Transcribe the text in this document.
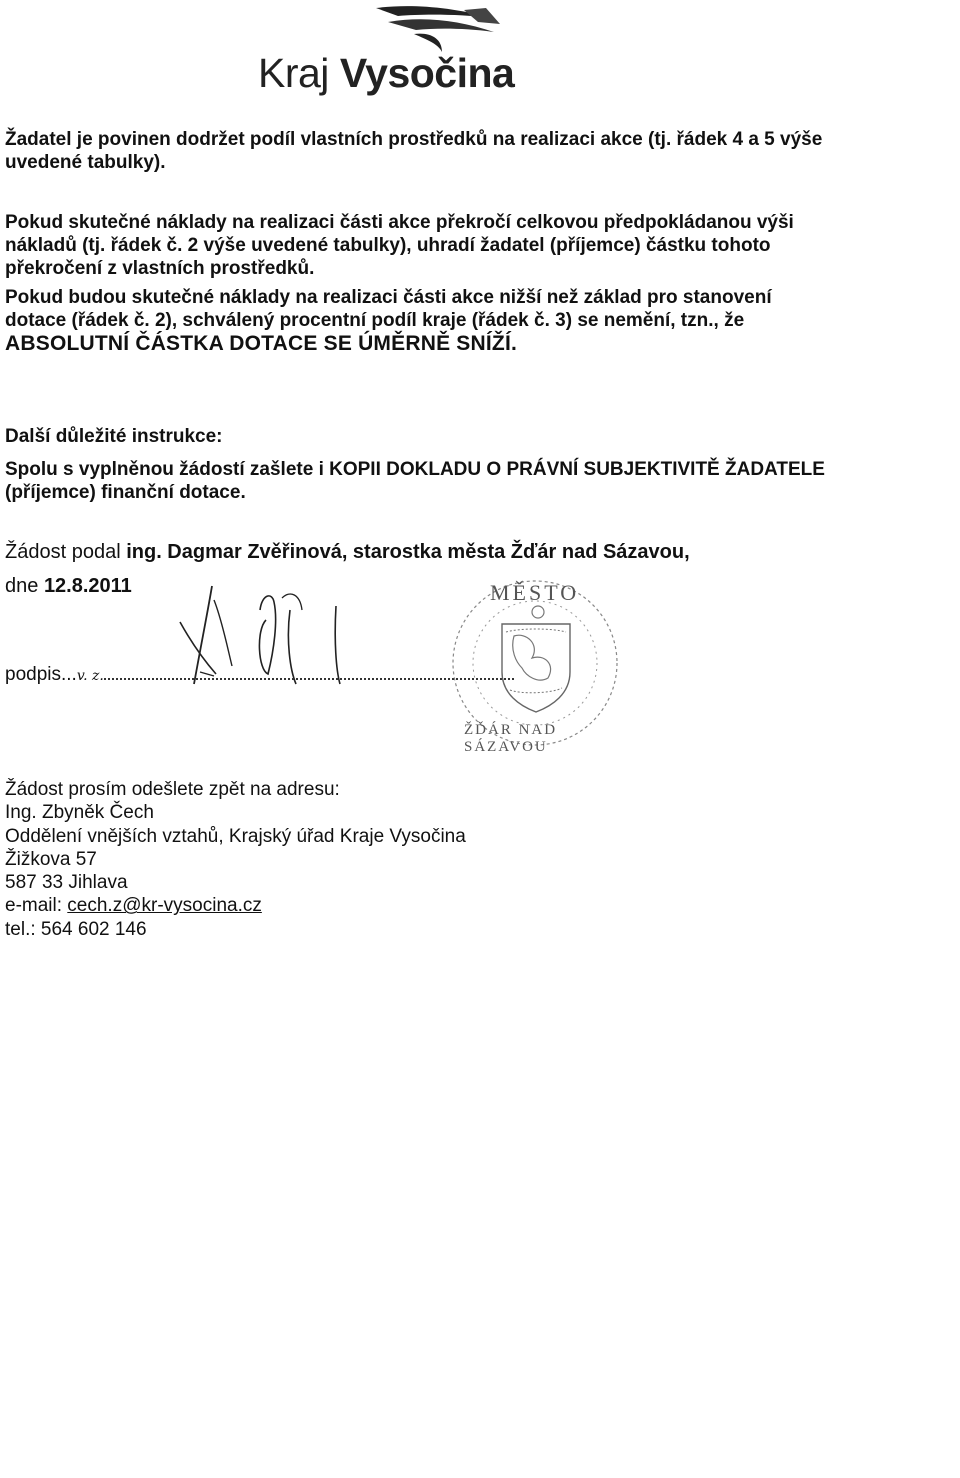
Kraj Vysočina

Žadatel je povinen dodržet podíl vlastních prostředků na realizaci akce (tj. řádek 4 a 5 výše uvedené tabulky).

Pokud skutečné náklady na realizaci části akce překročí celkovou předpokládanou výši nákladů (tj. řádek č. 2 výše uvedené tabulky), uhradí žadatel (příjemce) částku tohoto překročení z vlastních prostředků.

Pokud budou skutečné náklady na realizaci části akce nižší než základ pro stanovení dotace (řádek č. 2), schválený procentní podíl kraje (řádek č. 3) se nemění, tzn., že ABSOLUTNÍ ČÁSTKA DOTACE SE ÚMĚRNĚ SNÍŽÍ.

Další důležité instrukce:

Spolu s vyplněnou žádostí zašlete i KOPII DOKLADU O PRÁVNÍ SUBJEKTIVITĚ ŽADATELE (příjemce) finanční dotace.

Žádost podal ing. Dagmar Zvěřinová, starostka města Žďár nad Sázavou,

dne 12.8.2011

podpis...v. z.
MĚSTO
ŽĎÁR NAD SÁZAVOU
Žádost prosím odešlete zpět na adresu:
Ing. Zbyněk Čech
Oddělení vnějších vztahů, Krajský úřad Kraje Vysočina
Žižkova 57
587 33 Jihlava
e-mail: cech.z@kr-vysocina.cz
tel.: 564 602 146
